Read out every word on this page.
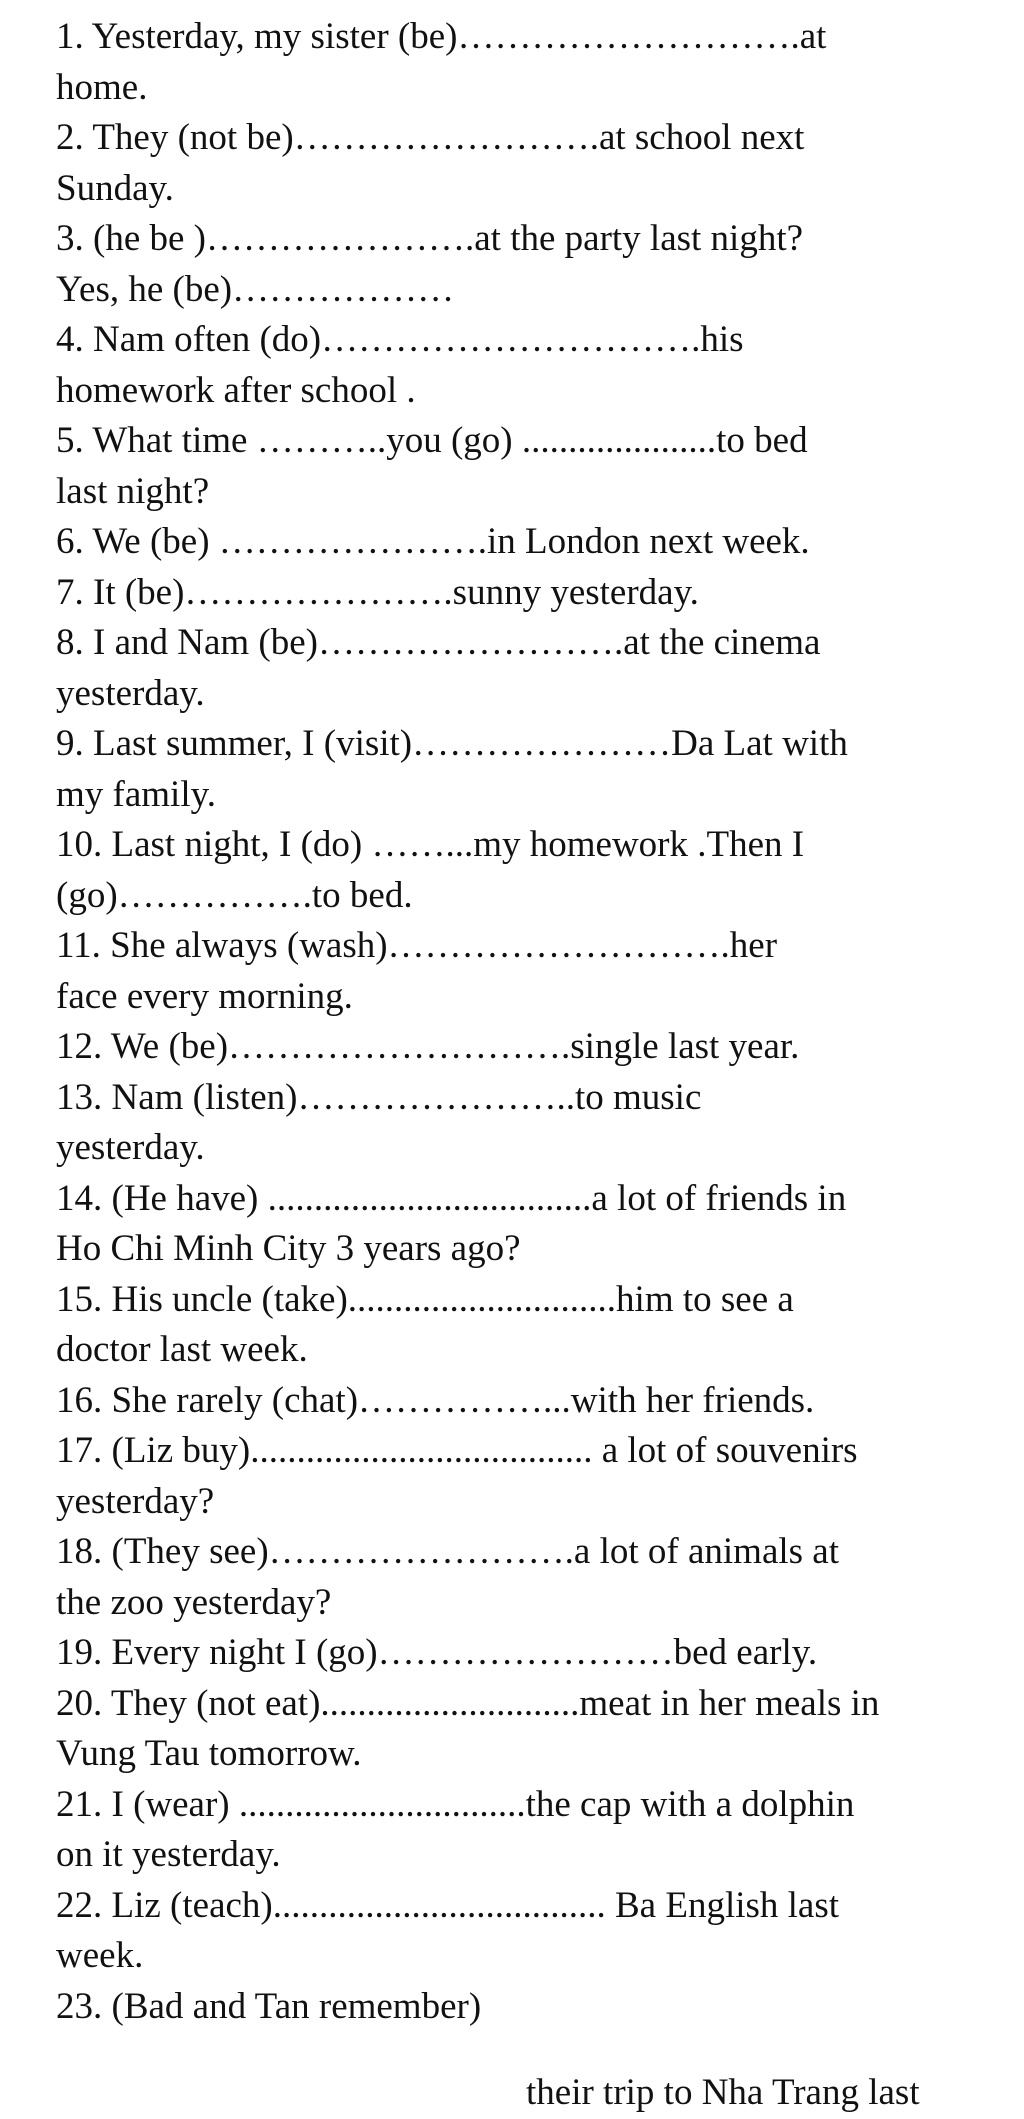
1. Yesterday, my sister (be)……………………….at
home.
2. They (not be)…………………….at school next
Sunday.
3. (he be )………………….at the party last night?
Yes, he (be)………………
4. Nam often (do)………………………….his
homework after school .
5. What time ………..you (go) .....................to bed
last night?
6. We (be) ………………….in London next week.
7. It (be)………………….sunny yesterday.
8. I and Nam (be)…………………….at the cinema
yesterday.
9. Last summer, I (visit)…………………Da Lat with
my family.
10. Last night, I (do) ……...my homework .Then I
(go)…………….to bed.
11. She always (wash)……………………….her
face every morning.
12. We (be)……………………….single last year.
13. Nam (listen)…………………..to music
yesterday.
14. (He have) ...................................a lot of friends in
Ho Chi Minh City 3 years ago?
15. His uncle (take).............................him to see a
doctor last week.
16. She rarely (chat)……………...with her friends.
17. (Liz buy)..................................... a lot of souvenirs
yesterday?
18. (They see)…………………….a lot of animals at
the zoo yesterday?
19. Every night I (go)……………………bed early.
20. They (not eat)............................meat in her meals in
Vung Tau tomorrow.
21. I (wear) ...............................the cap with a dolphin
on it yesterday.
22. Liz (teach).................................... Ba English last
week.
23. (Bad and Tan remember)
their trip to Nha Trang last
